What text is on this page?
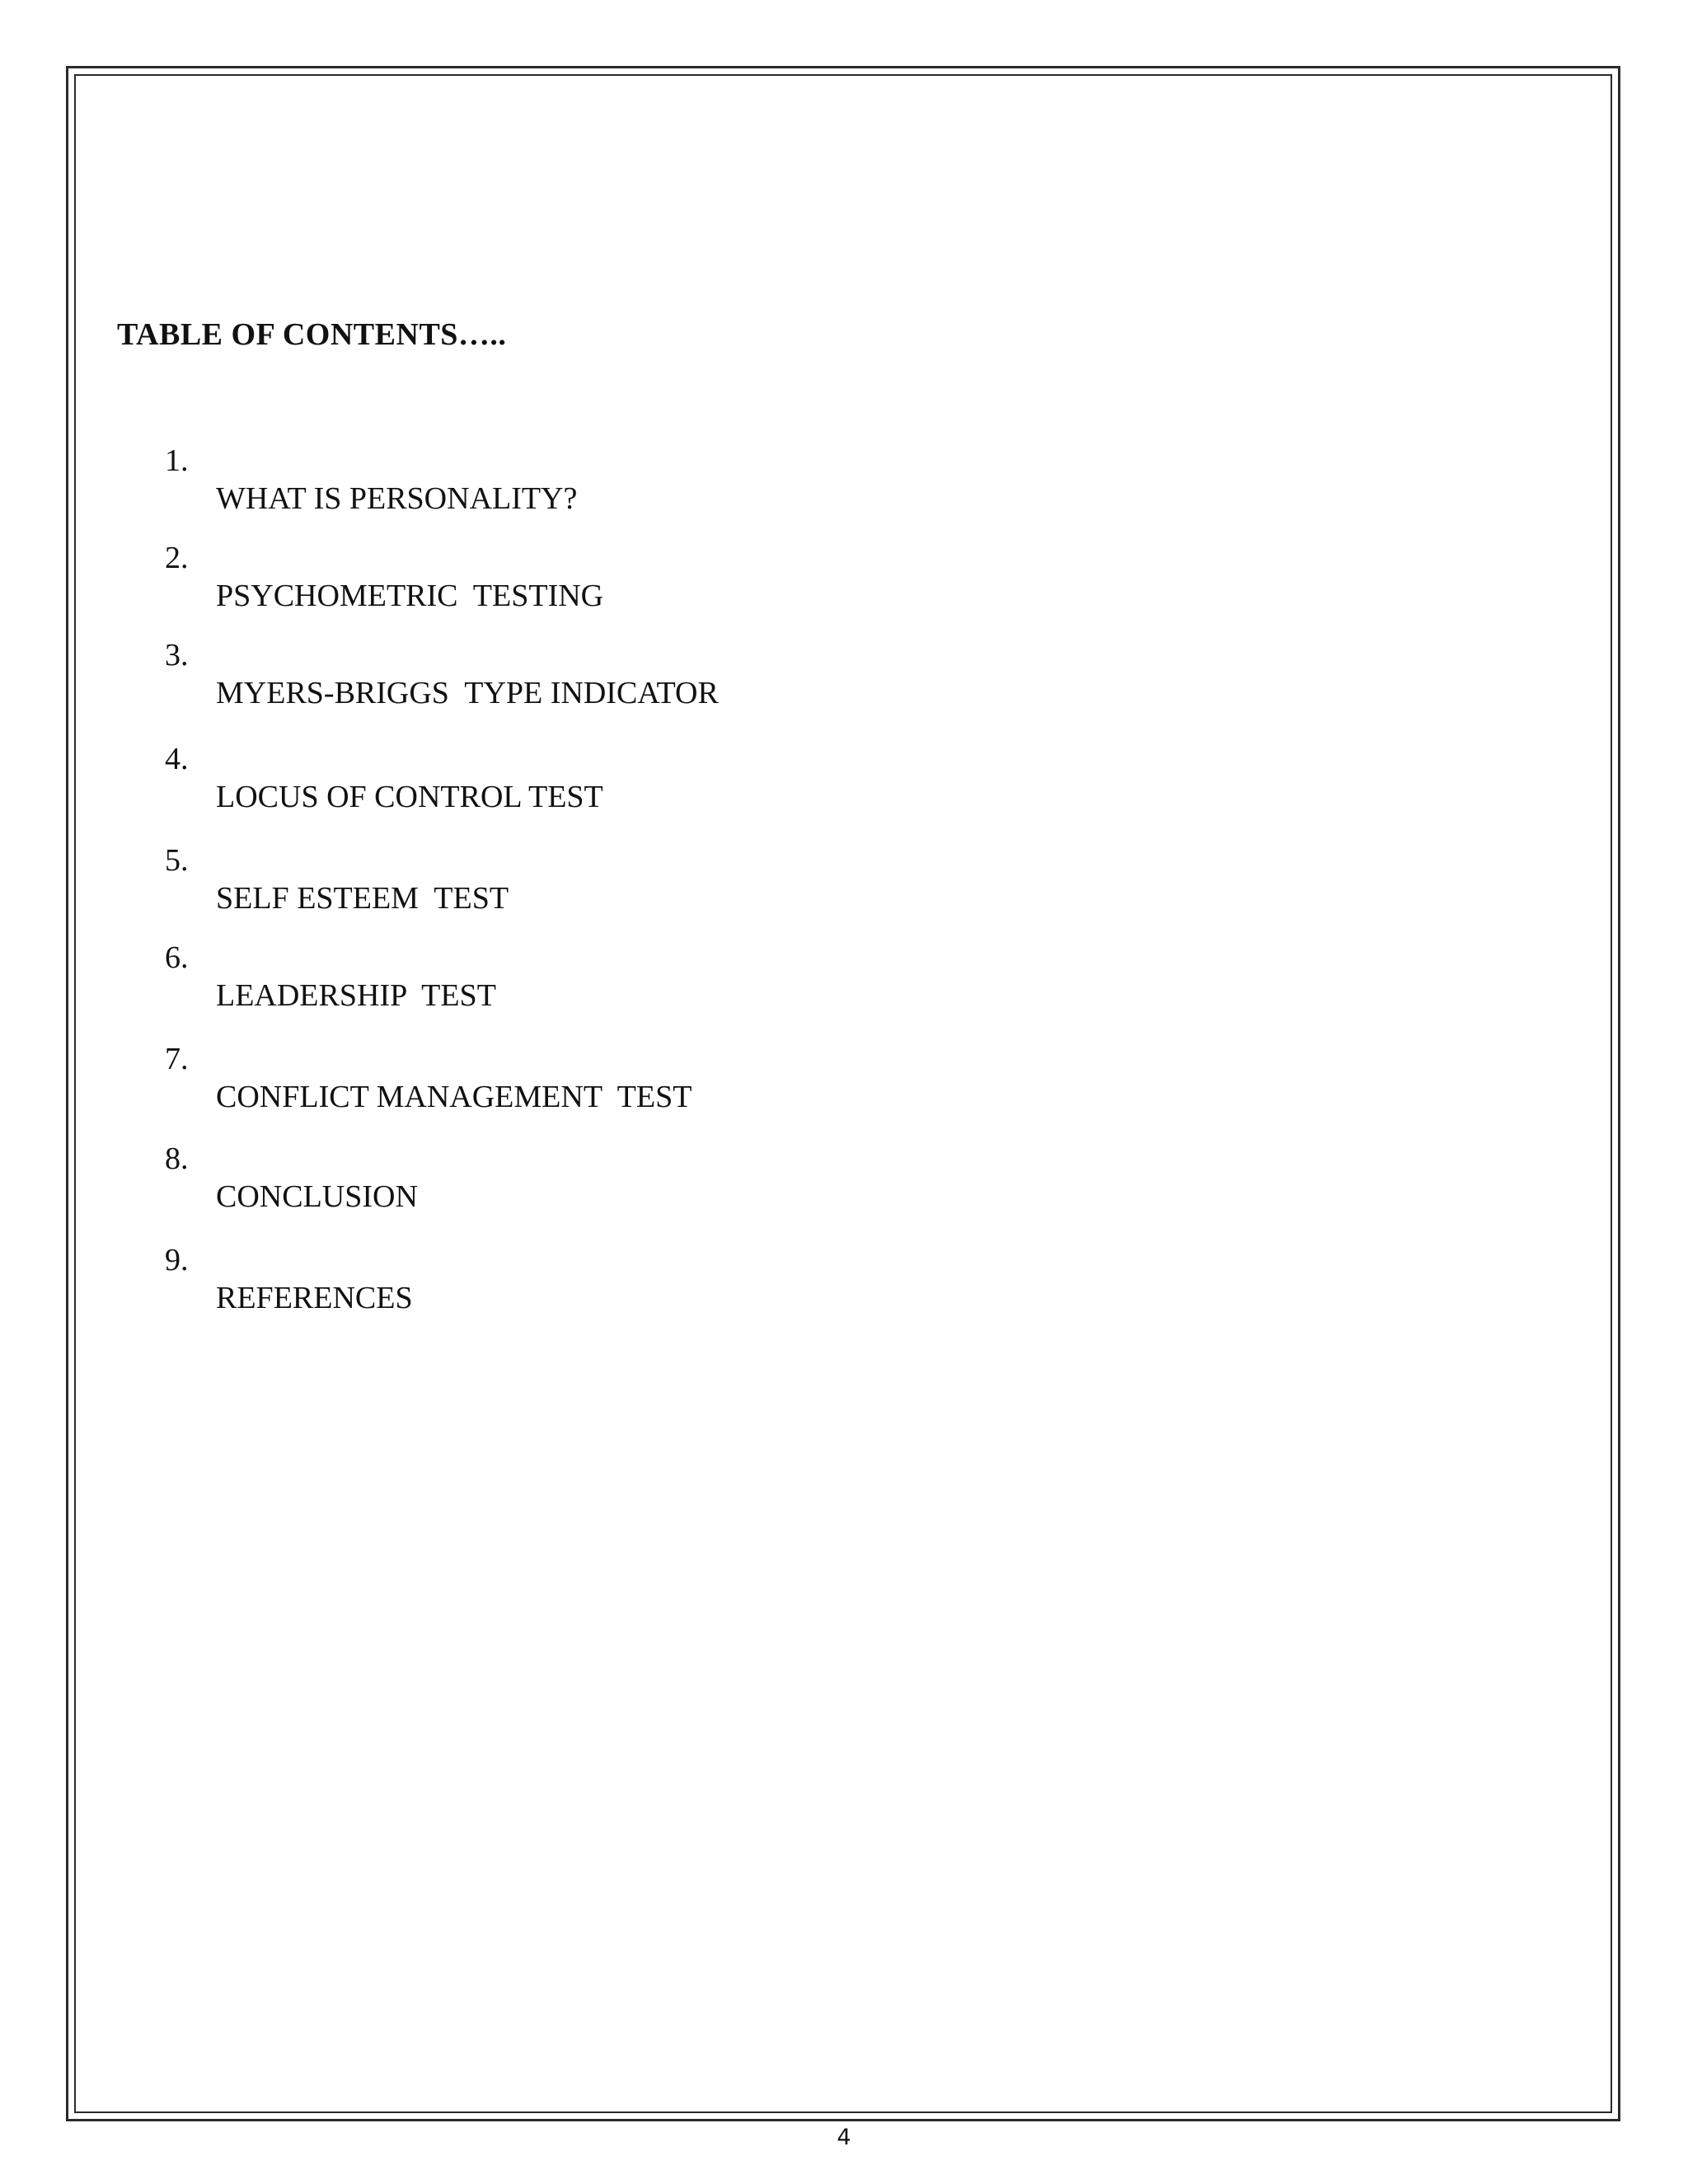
TABLE OF CONTENTS…..

1.

WHAT IS PERSONALITY?

2.

PSYCHOMETRIC  TESTING

3.

MYERS-BRIGGS  TYPE INDICATOR

4.

LOCUS OF CONTROL TEST

5.

SELF ESTEEM  TEST

6.

LEADERSHIP  TEST

7.

CONFLICT MANAGEMENT  TEST

8.

CONCLUSION

9.

REFERENCES

4
